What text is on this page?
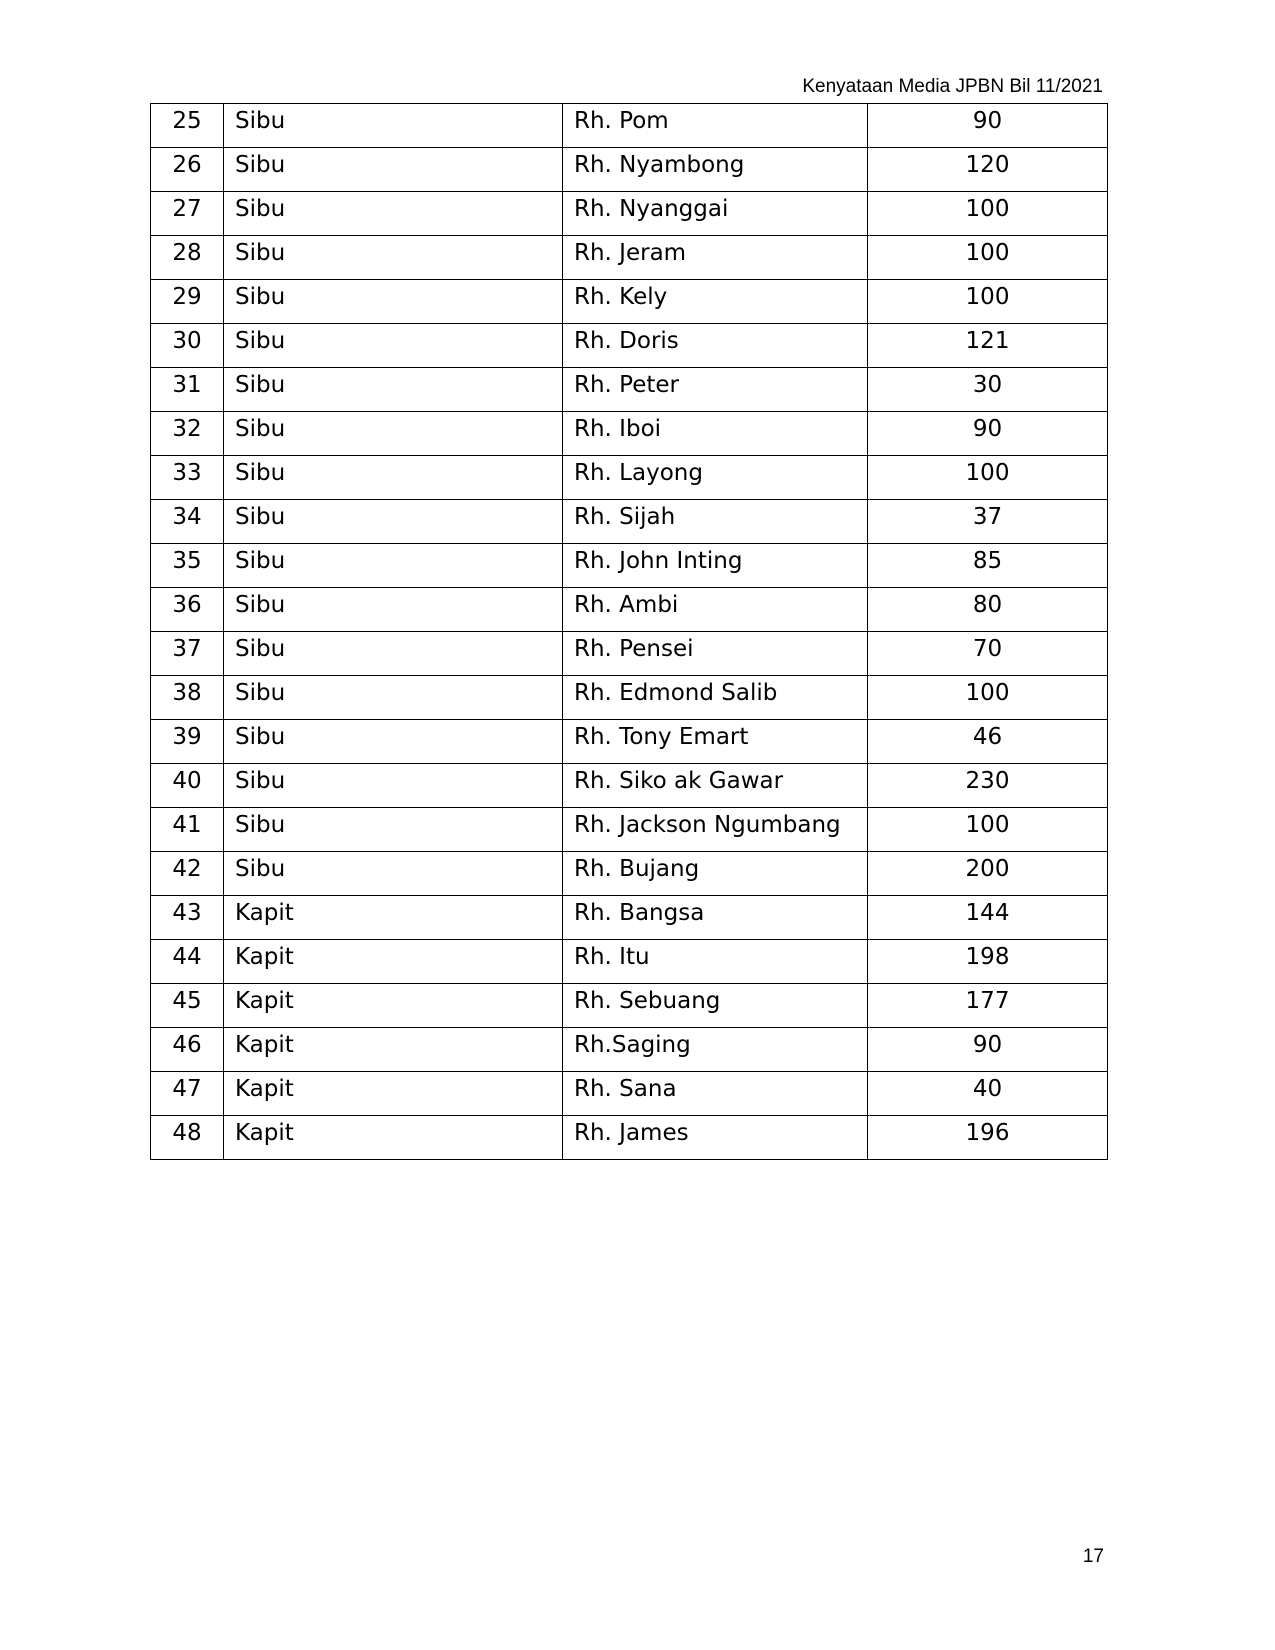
Kenyataan Media JPBN Bil 11/2021
25	Sibu	Rh. Pom	90
26	Sibu	Rh. Nyambong	120
27	Sibu	Rh. Nyanggai	100
28	Sibu	Rh. Jeram	100
29	Sibu	Rh. Kely	100
30	Sibu	Rh. Doris	121
31	Sibu	Rh. Peter	30
32	Sibu	Rh. Iboi	90
33	Sibu	Rh. Layong	100
34	Sibu	Rh. Sijah	37
35	Sibu	Rh. John Inting	85
36	Sibu	Rh. Ambi	80
37	Sibu	Rh. Pensei	70
38	Sibu	Rh. Edmond Salib	100
39	Sibu	Rh. Tony Emart	46
40	Sibu	Rh. Siko ak Gawar	230
41	Sibu	Rh. Jackson Ngumbang	100
42	Sibu	Rh. Bujang	200
43	Kapit	Rh. Bangsa	144
44	Kapit	Rh. Itu	198
45	Kapit	Rh. Sebuang	177
46	Kapit	Rh.Saging	90
47	Kapit	Rh. Sana	40
48	Kapit	Rh. James	196
17
